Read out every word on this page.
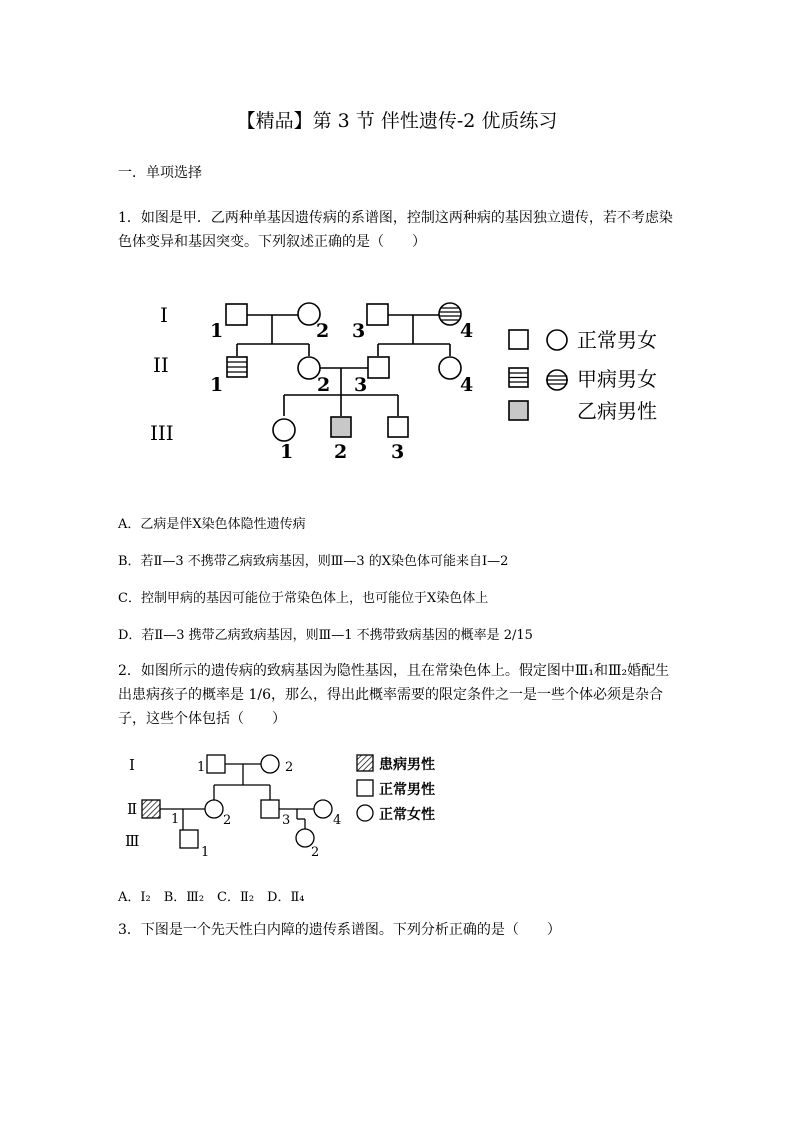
【精品】第 3 节 伴性遗传-2 优质练习
一．单项选择
1．如图是甲．乙两种单基因遗传病的系谱图，控制这两种病的基因独立遗传，若不考虑染色体变异和基因突变。下列叙述正确的是（　　）
I
II
III
1	2 3	4
1	2 3	4
1 2 3
正常男女
甲病男女
乙病男性
A．乙病是伴Ⅹ染色体隐性遗传病
B．若Ⅱ—3 不携带乙病致病基因，则Ⅲ—3 的Ⅹ染色体可能来自Ⅰ—2
C．控制甲病的基因可能位于常染色体上，也可能位于Ⅹ染色体上
D．若Ⅱ—3 携带乙病致病基因，则Ⅲ—1 不携带致病基因的概率是 2/15
2．如图所示的遗传病的致病基因为隐性基因，且在常染色体上。假定图中Ⅲ₁和Ⅲ₂婚配生出患病孩子的概率是 1/6，那么，得出此概率需要的限定条件之一是一些个体必须是杂合子，这些个体包括（　　）
Ⅰ
Ⅱ
Ⅲ
1	2
1	2	3	4
1	2
患病男性
正常男性
正常女性
A．Ⅰ₂　B．Ⅲ₂　C．Ⅱ₂　D．Ⅱ₄
3．下图是一个先天性白内障的遗传系谱图。下列分析正确的是（　　）
